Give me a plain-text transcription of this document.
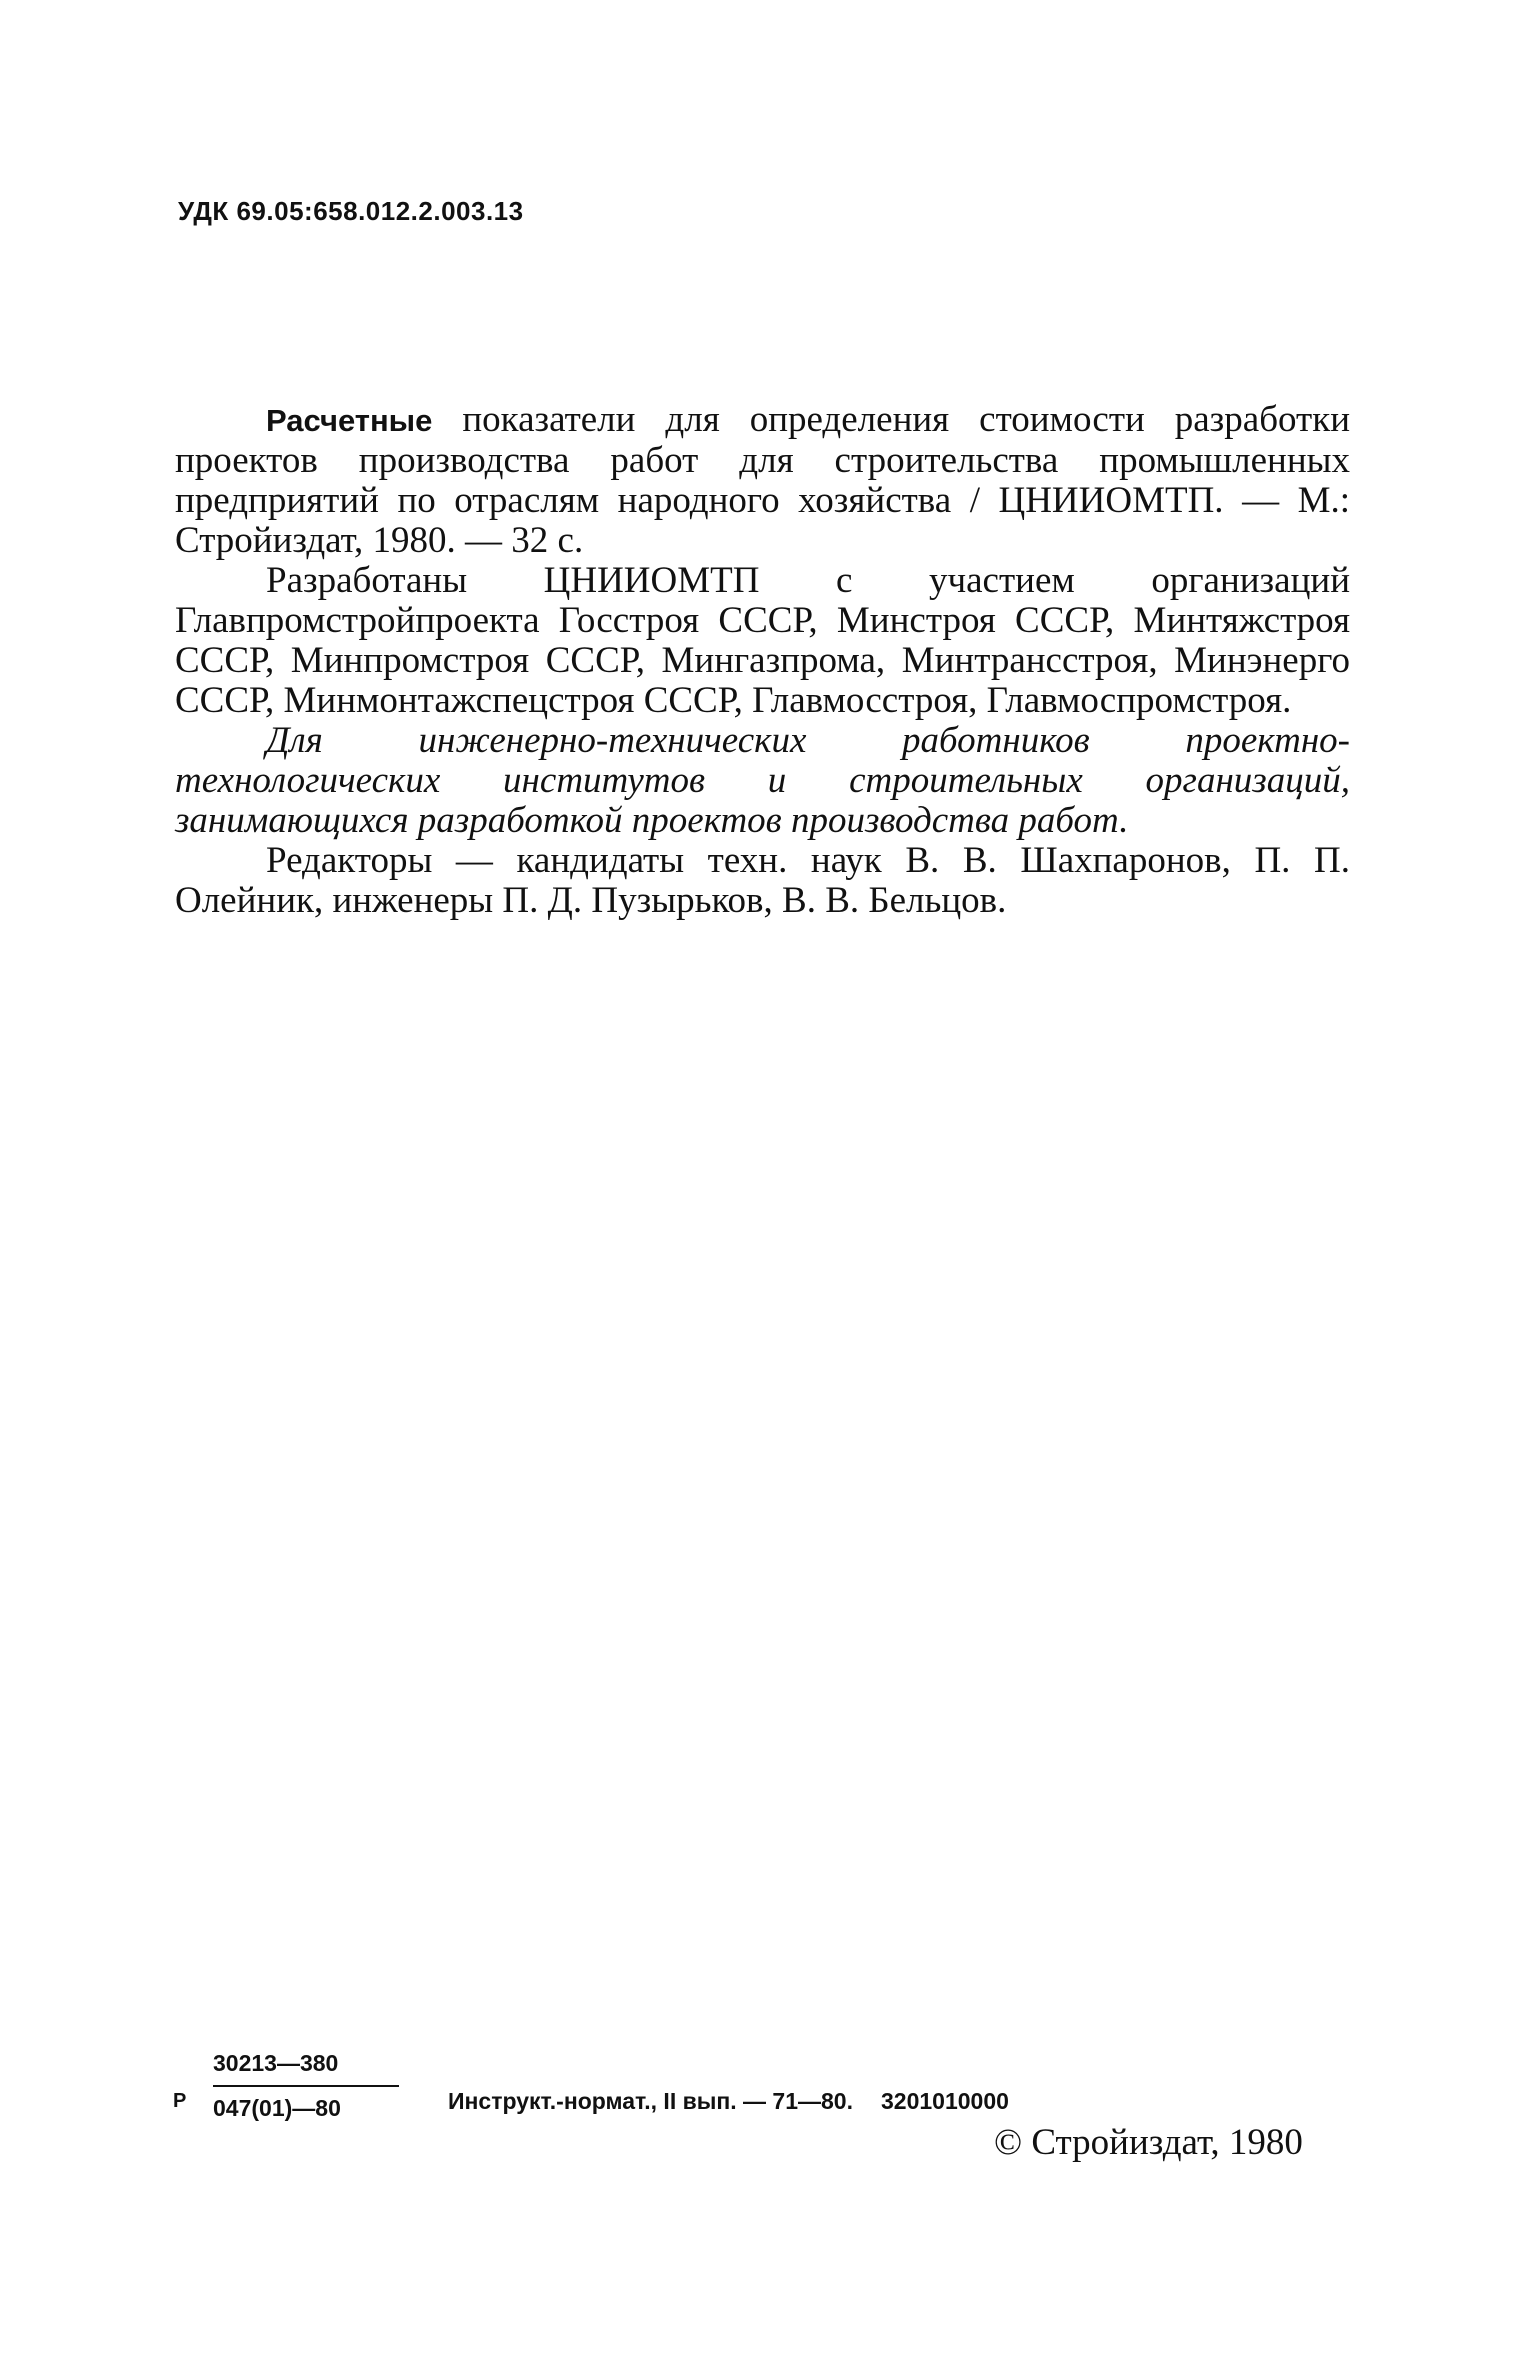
УДК 69.05:658.012.2.003.13

Расчетные показатели для определения стоимости разработки проектов производства работ для строительства промышленных предприятий по отраслям народного хозяйства / ЦНИИОМТП. — М.: Стройиздат, 1980. — 32 с.

Разработаны ЦНИИОМТП с участием организаций Главпромстройпроекта Госстроя СССР, Минстроя СССР, Минтяжстроя СССР, Минпромстроя СССР, Мингазпрома, Минтрансстроя, Минэнерго СССР, Минмонтажспецстроя СССР, Главмосстроя, Главмоспромстроя.

Для инженерно-технических работников проектно-технологических институтов и строительных организаций, занимающихся разработкой проектов производства работ.

Редакторы — кандидаты техн. наук В. В. Шахпаронов, П. П. Олейник, инженеры П. Д. Пузырьков, В. В. Бельцов.

Р
30213—380
047(01)—80	Инструкт.-нормат., II вып. — 71—80. 3201010000
© Стройиздат, 1980
